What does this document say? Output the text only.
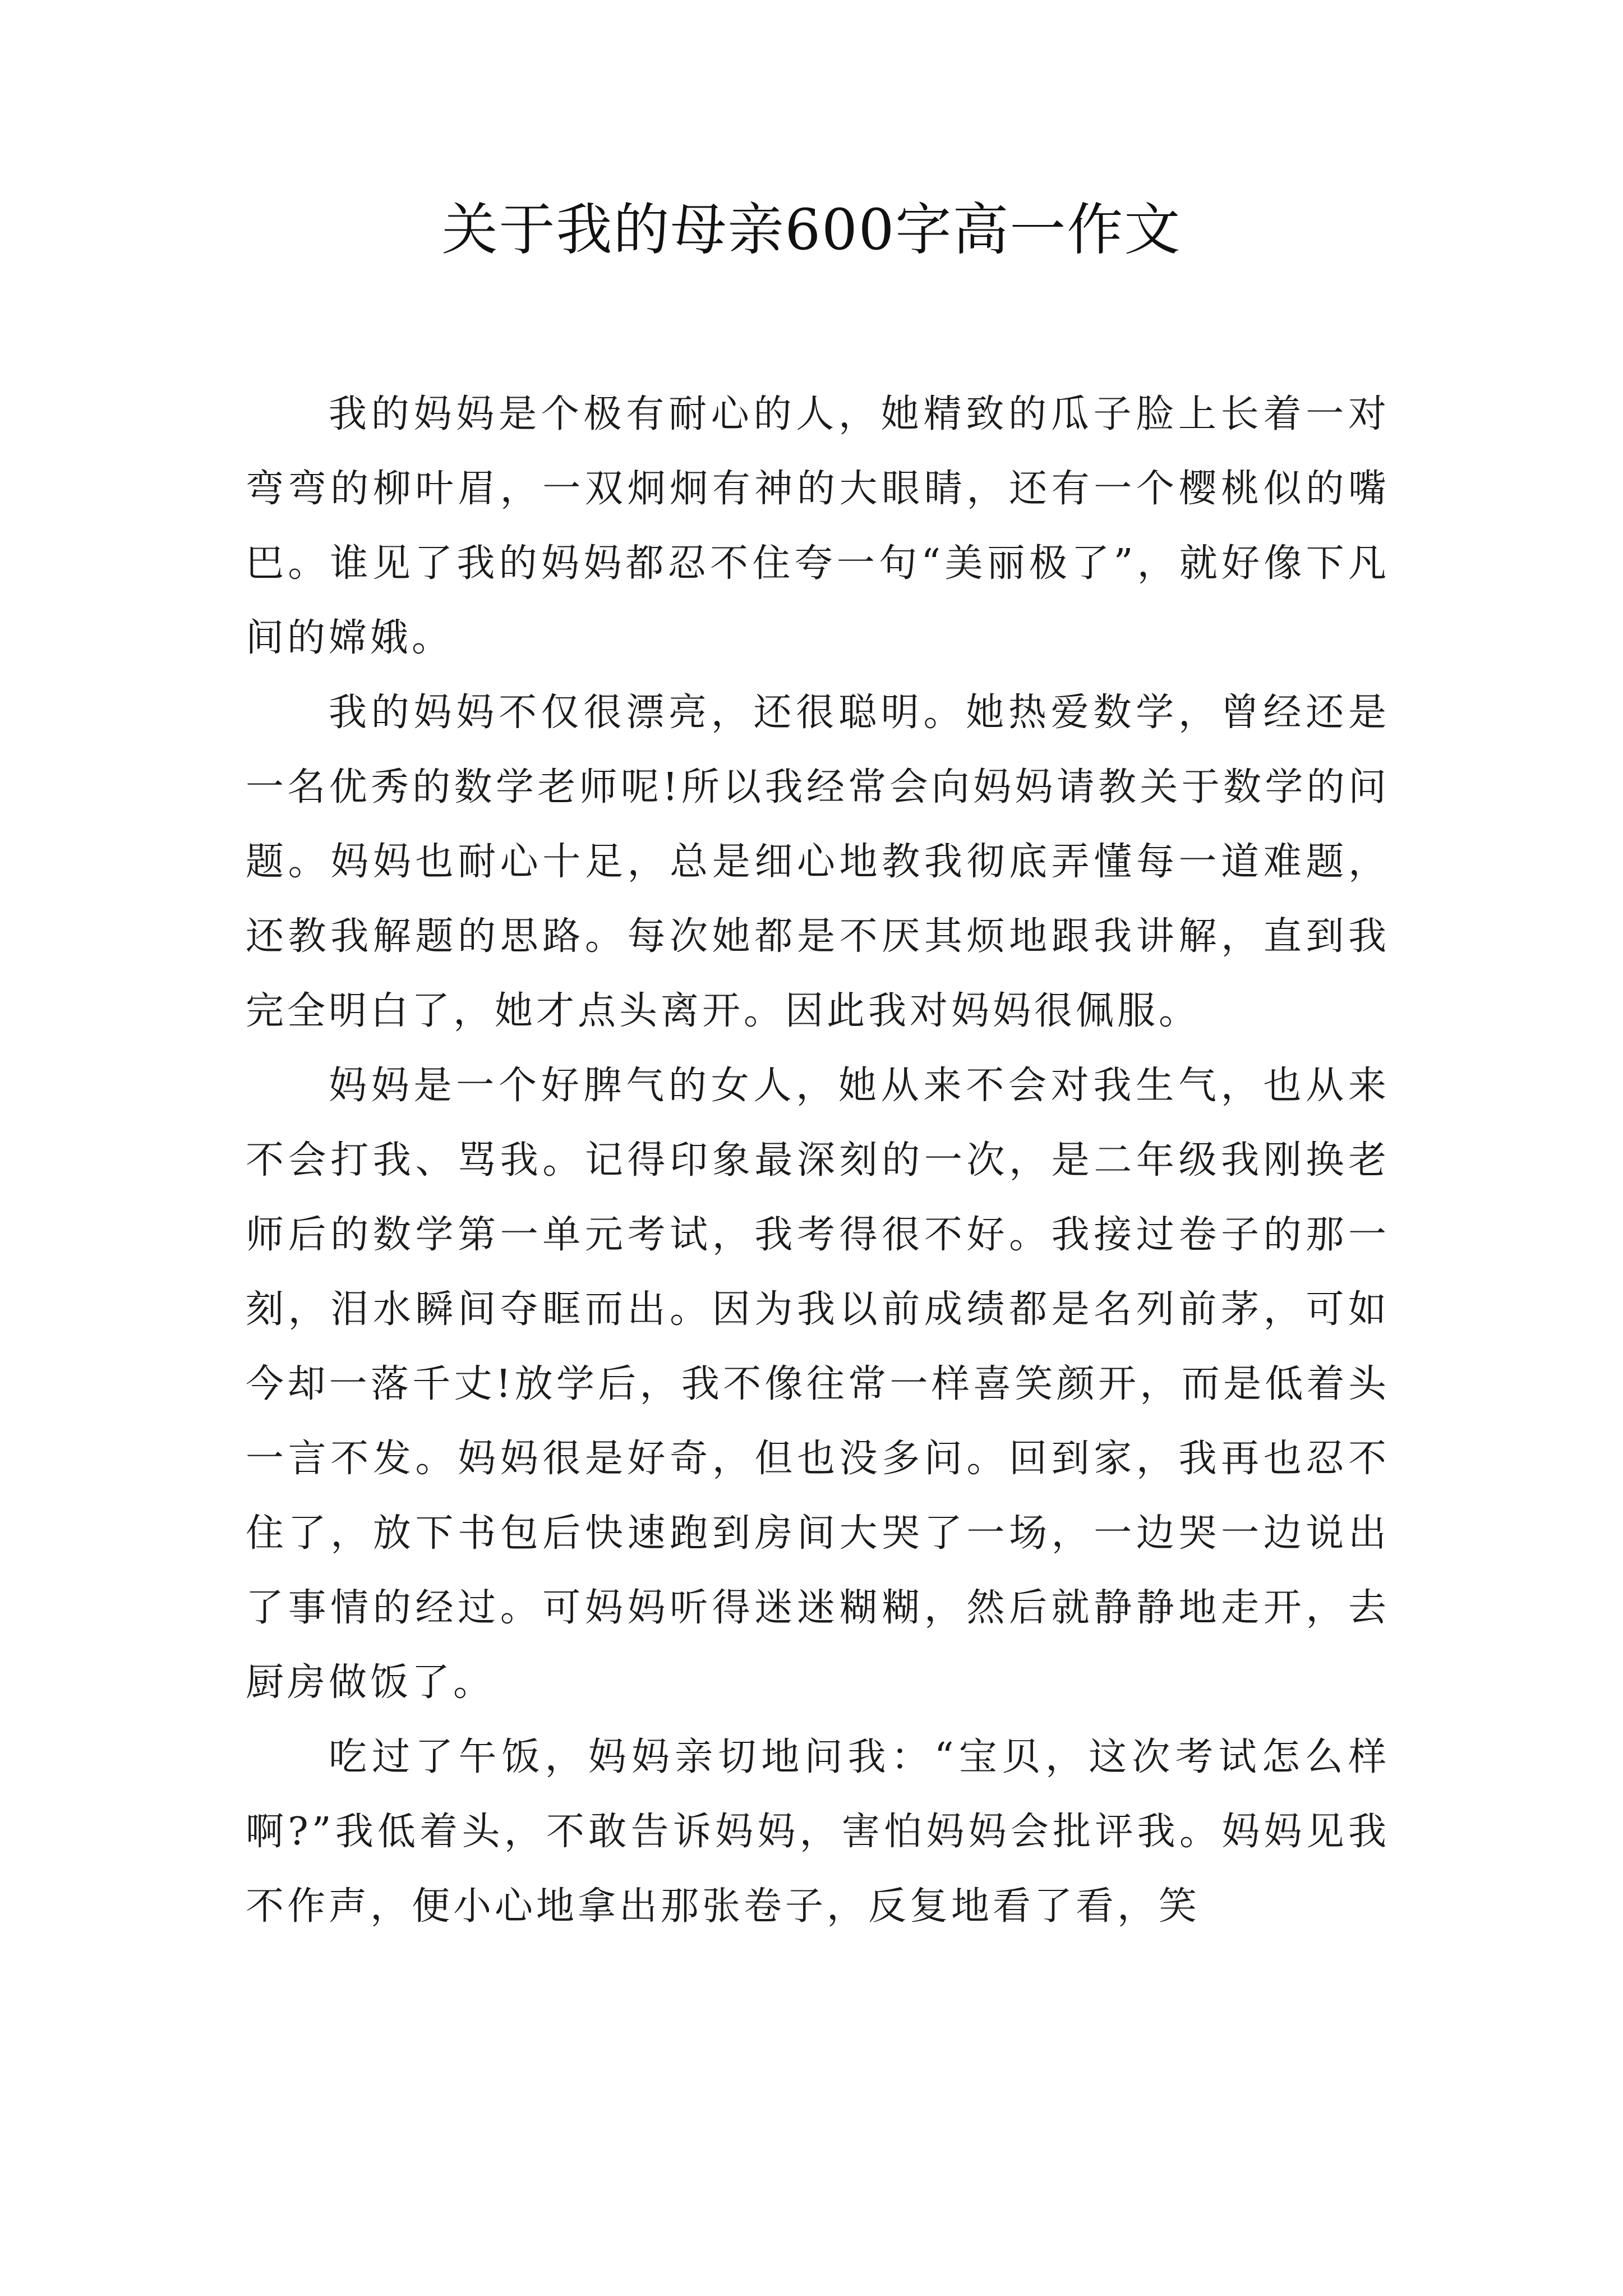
关于我的母亲600字高一作文

我的妈妈是个极有耐心的人，她精致的瓜子脸上长着一对弯弯的柳叶眉，一双炯炯有神的大眼睛，还有一个樱桃似的嘴巴。谁见了我的妈妈都忍不住夸一句“美丽极了”，就好像下凡间的嫦娥。

我的妈妈不仅很漂亮，还很聪明。她热爱数学，曾经还是一名优秀的数学老师呢!所以我经常会向妈妈请教关于数学的问题。妈妈也耐心十足，总是细心地教我彻底弄懂每一道难题，还教我解题的思路。每次她都是不厌其烦地跟我讲解，直到我完全明白了，她才点头离开。因此我对妈妈很佩服。

妈妈是一个好脾气的女人，她从来不会对我生气，也从来不会打我、骂我。记得印象最深刻的一次，是二年级我刚换老师后的数学第一单元考试，我考得很不好。我接过卷子的那一刻，泪水瞬间夺眶而出。因为我以前成绩都是名列前茅，可如今却一落千丈!放学后，我不像往常一样喜笑颜开，而是低着头一言不发。妈妈很是好奇，但也没多问。回到家，我再也忍不住了，放下书包后快速跑到房间大哭了一场，一边哭一边说出了事情的经过。可妈妈听得迷迷糊糊，然后就静静地走开，去厨房做饭了。

吃过了午饭，妈妈亲切地问我：“宝贝，这次考试怎么样啊?”我低着头，不敢告诉妈妈，害怕妈妈会批评我。妈妈见我不作声，便小心地拿出那张卷子，反复地看了看，笑
